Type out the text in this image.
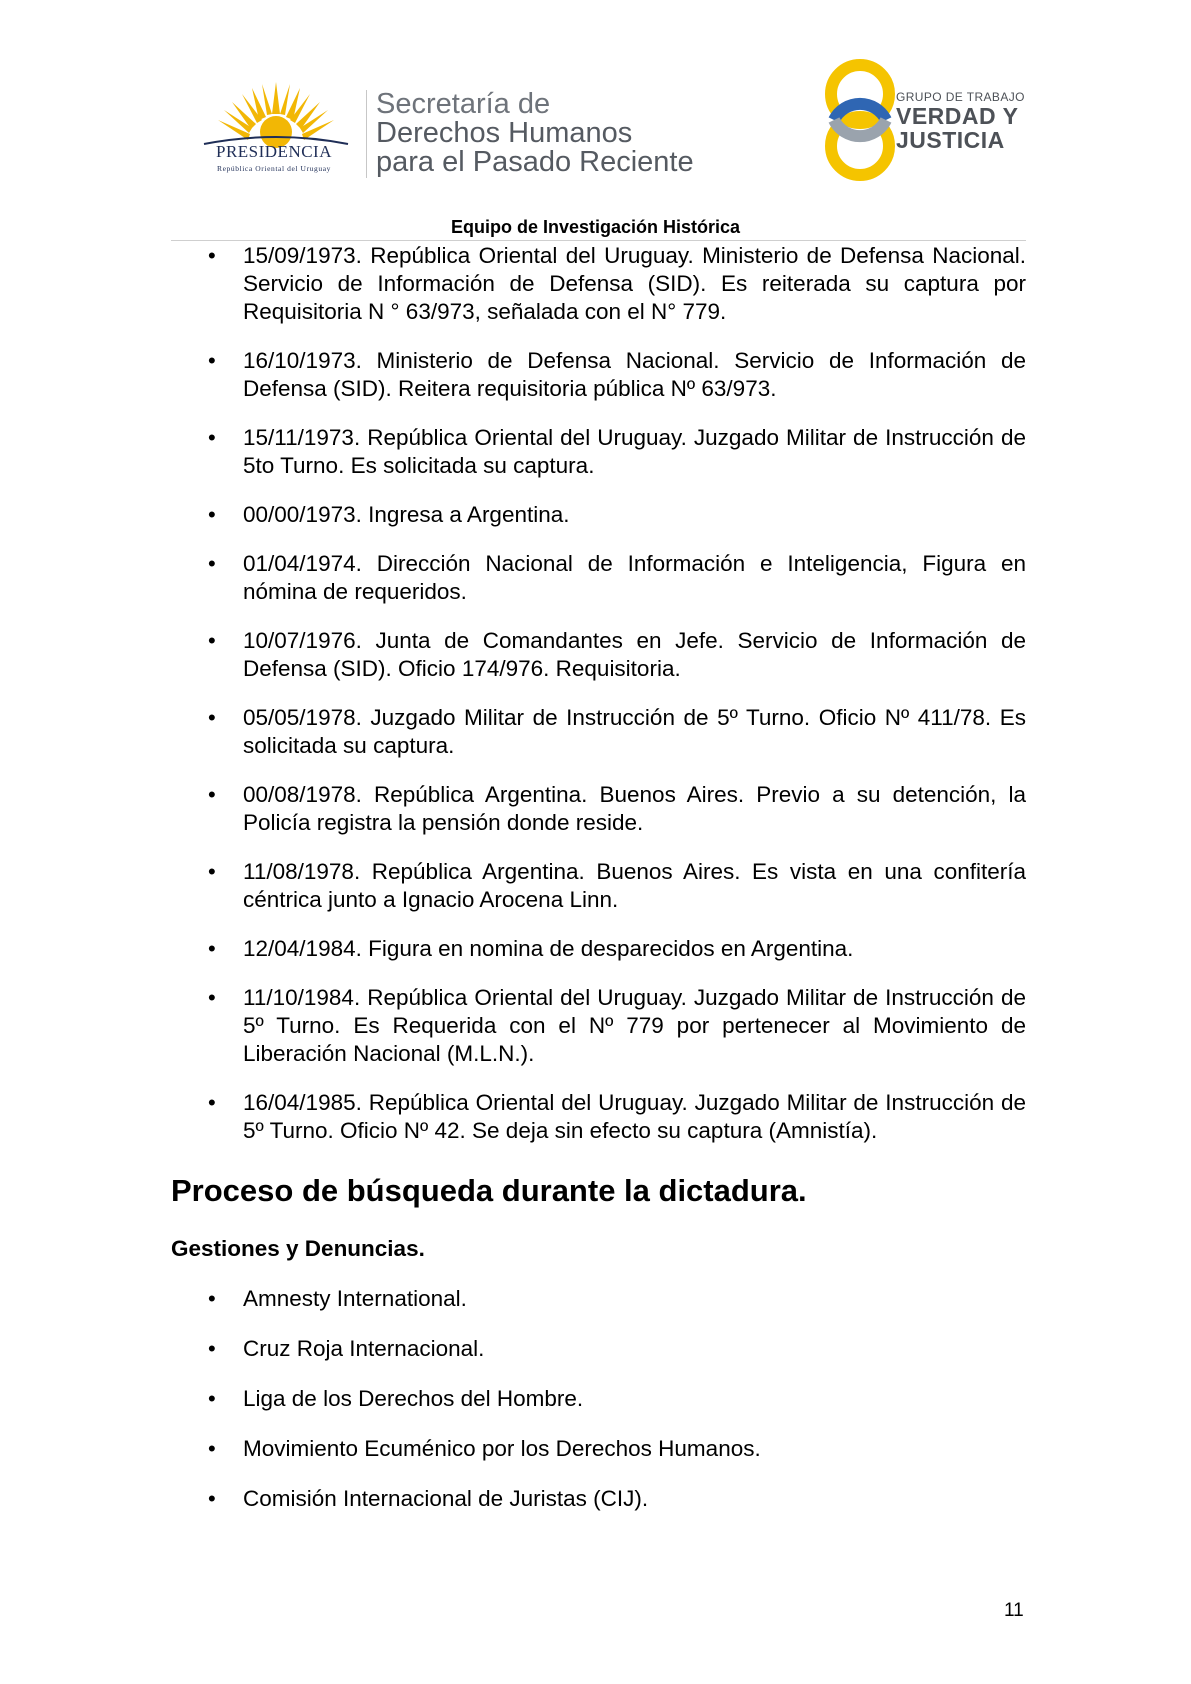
PRESIDENCIA
República Oriental del Uruguay
Secretaría de
Derechos Humanos
para el Pasado Reciente
GRUPO DE TRABAJO
VERDAD Y
JUSTICIA
Equipo de Investigación Histórica
• 15/09/1973. República Oriental del Uruguay. Ministerio de Defensa Nacional. Servicio de Información de Defensa (SID). Es reiterada su captura por Requisitoria N ° 63/973, señalada con el N° 779.
• 16/10/1973. Ministerio de Defensa Nacional. Servicio de Información de Defensa (SID). Reitera requisitoria pública Nº 63/973.
• 15/11/1973. República Oriental del Uruguay. Juzgado Militar de Instrucción de 5to Turno. Es solicitada su captura.
• 00/00/1973. Ingresa a Argentina.
• 01/04/1974. Dirección Nacional de Información e Inteligencia, Figura en nómina de requeridos.
• 10/07/1976. Junta de Comandantes en Jefe. Servicio de Información de Defensa (SID). Oficio 174/976. Requisitoria.
• 05/05/1978. Juzgado Militar de Instrucción de 5º Turno. Oficio Nº 411/78. Es solicitada su captura.
• 00/08/1978. República Argentina. Buenos Aires. Previo a su detención, la Policía registra la pensión donde reside.
• 11/08/1978. República Argentina. Buenos Aires. Es vista en una confitería céntrica junto a Ignacio Arocena Linn.
• 12/04/1984. Figura en nomina de desparecidos en Argentina.
• 11/10/1984. República Oriental del Uruguay. Juzgado Militar de Instrucción de 5º Turno. Es Requerida con el Nº 779 por pertenecer al Movimiento de Liberación Nacional (M.L.N.).
• 16/04/1985. República Oriental del Uruguay. Juzgado Militar de Instrucción de 5º Turno. Oficio Nº 42. Se deja sin efecto su captura (Amnistía).
Proceso de búsqueda durante la dictadura.
Gestiones y Denuncias.
• Amnesty International.
• Cruz Roja Internacional.
• Liga de los Derechos del Hombre.
• Movimiento Ecuménico por los Derechos Humanos.
• Comisión Internacional de Juristas (CIJ).
11
